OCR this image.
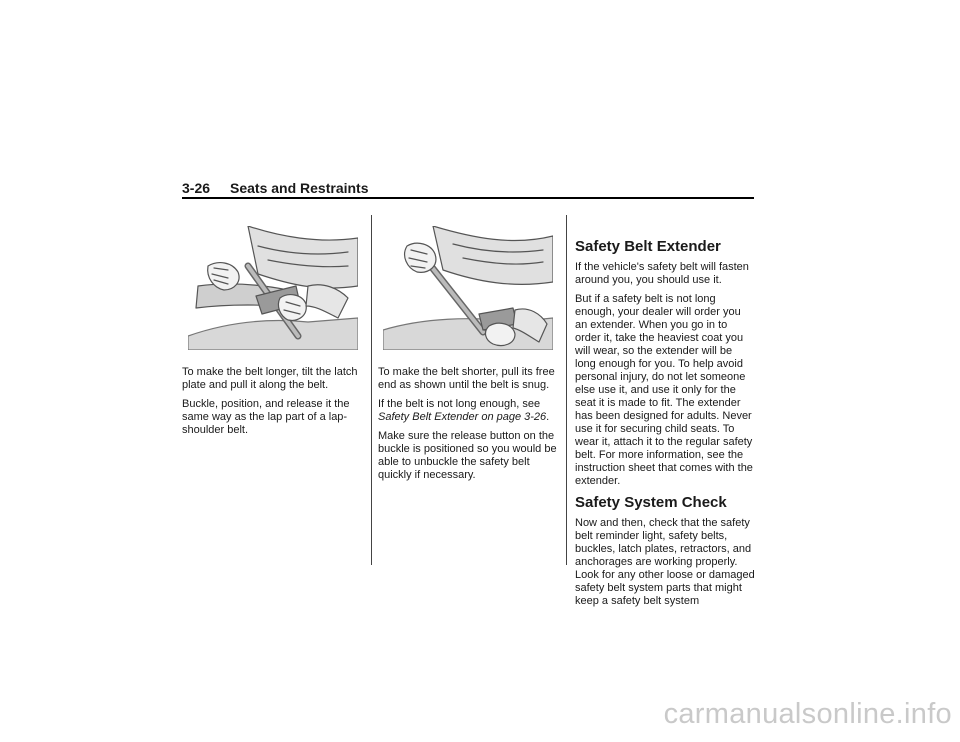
3-26 Seats and Restraints

To make the belt longer, tilt the latch plate and pull it along the belt.

Buckle, position, and release it the same way as the lap part of a lap-shoulder belt.

To make the belt shorter, pull its free end as shown until the belt is snug.

If the belt is not long enough, see Safety Belt Extender on page 3-26.

Make sure the release button on the buckle is positioned so you would be able to unbuckle the safety belt quickly if necessary.

Safety Belt Extender

If the vehicle's safety belt will fasten around you, you should use it.

But if a safety belt is not long enough, your dealer will order you an extender. When you go in to order it, take the heaviest coat you will wear, so the extender will be long enough for you. To help avoid personal injury, do not let someone else use it, and use it only for the seat it is made to fit. The extender has been designed for adults. Never use it for securing child seats. To wear it, attach it to the regular safety belt. For more information, see the instruction sheet that comes with the extender.

Safety System Check

Now and then, check that the safety belt reminder light, safety belts, buckles, latch plates, retractors, and anchorages are working properly. Look for any other loose or damaged safety belt system parts that might keep a safety belt system

carmanualsonline.info
